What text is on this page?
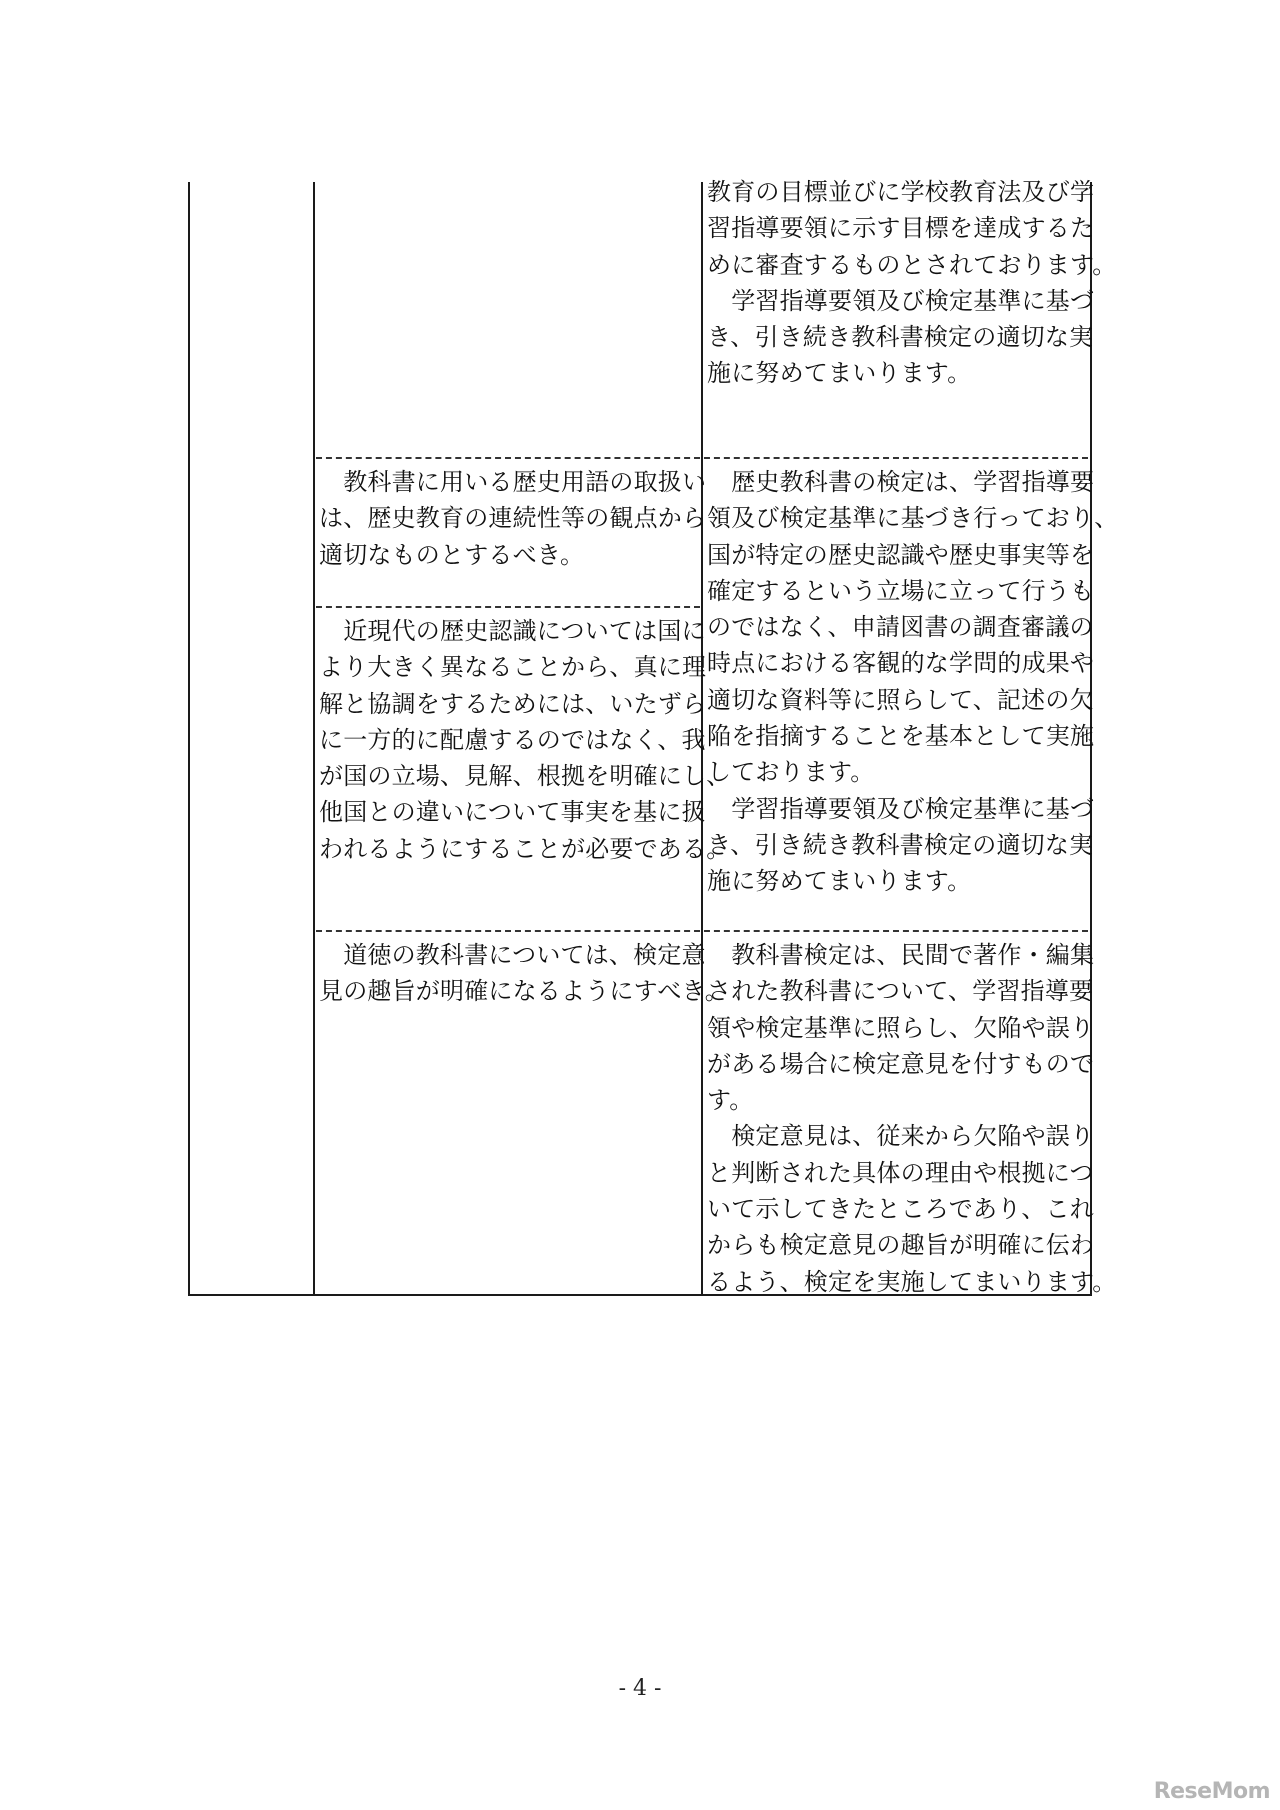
教育の目標並びに学校教育法及び学
習指導要領に示す目標を達成するた
めに審査するものとされております。
　学習指導要領及び検定基準に基づ
き、引き続き教科書検定の適切な実
施に努めてまいります。
　教科書に用いる歴史用語の取扱い
は、歴史教育の連続性等の観点から
適切なものとするべき。
　近現代の歴史認識については国に
より大きく異なることから、真に理
解と協調をするためには、いたずら
に一方的に配慮するのではなく、我
が国の立場、見解、根拠を明確にし、
他国との違いについて事実を基に扱
われるようにすることが必要である。
　歴史教科書の検定は、学習指導要
領及び検定基準に基づき行っており、
国が特定の歴史認識や歴史事実等を
確定するという立場に立って行うも
のではなく、申請図書の調査審議の
時点における客観的な学問的成果や
適切な資料等に照らして、記述の欠
陥を指摘することを基本として実施
しております。
　学習指導要領及び検定基準に基づ
き、引き続き教科書検定の適切な実
施に努めてまいります。
　道徳の教科書については、検定意
見の趣旨が明確になるようにすべき。
　教科書検定は、民間で著作・編集
された教科書について、学習指導要
領や検定基準に照らし、欠陥や誤り
がある場合に検定意見を付すもので
す。
　検定意見は、従来から欠陥や誤り
と判断された具体の理由や根拠につ
いて示してきたところであり、これ
からも検定意見の趣旨が明確に伝わ
るよう、検定を実施してまいります。
- 4 -
ReseMom
